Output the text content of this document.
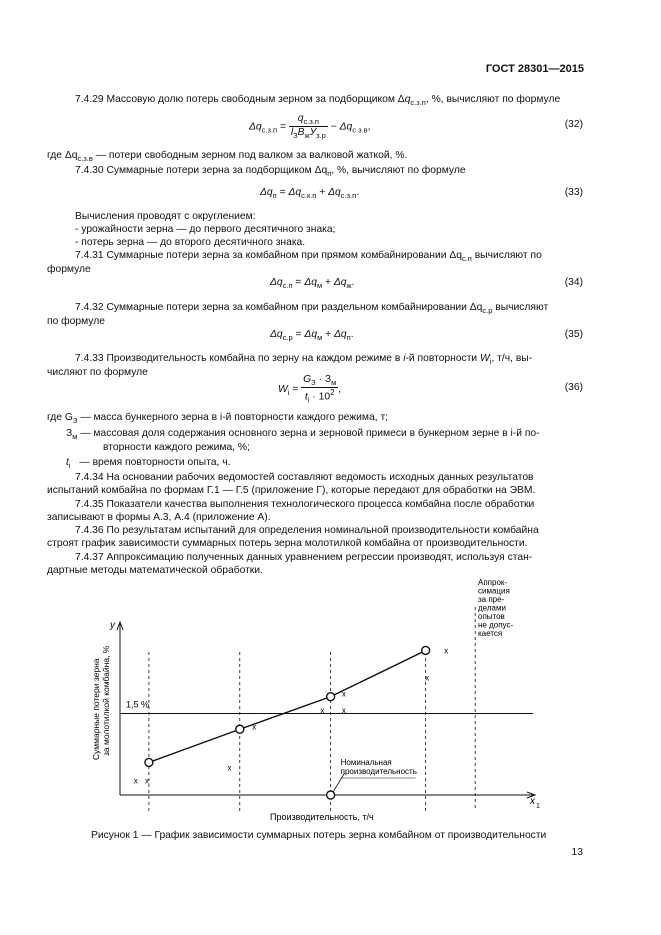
ГОСТ 28301—2015
7.4.29 Массовую долю потерь свободным зерном за подборщиком $\Delta q_{с.з.п}$, %, вычисляют по формуле
$\Delta q_{с.з.п} = \frac{q_{с.з.п}}{l_ЗВ_жУ_{з.р}} - \Delta q_{с з.в}$,	(32)
где $\Delta q_{с.з.в}$ — потери свободным зерном под валком за валковой жаткой, %.
7.4.30 Суммарные потери зерна за подборщиком $\Delta q_п$, %, вычисляют по формуле
$\Delta q_п = \Delta q_{с.к.п} + \Delta q_{с.з.п}$.	(33)
Вычисления проводят с округлением:
- урожайности зерна — до первого десятичного знака;
- потерь зерна — до второго десятичного знака.
7.4.31 Суммарные потери зерна за комбайном при прямом комбайнировании $\Delta q_{с.п}$ вычисляют по
формуле
$\Delta q_{с.п} = \Delta q_м + \Delta q_ж$.	(34)
7.4.32 Суммарные потери зерна за комбайном при раздельном комбайнировании $\Delta q_{с.р}$ вычисляют
по формуле
$\Delta q_{с.р} = \Delta q_м + \Delta q_п$.	(35)
7.4.33 Производительность комбайна по зерну на каждом режиме в i-й повторности $W_i$, т/ч, вы-
числяют по формуле
$W_i = \frac{G_З \cdot З_м}{t_i \cdot 10^2}$ ,	(36)
где $G_З$ — масса бункерного зерна в i-й повторности каждого режима, т;
$З_м$ — массовая доля содержания основного зерна и зерновой примеси в бункерном зерне в i-й по-
вторности каждого режима, %;
$t_i$ — время повторности опыта, ч.
7.4.34 На основании рабочих ведомостей составляют ведомость исходных данных результатов
испытаний комбайна по формам Г.1 — Г.5 (приложение Г), которые передают для обработки на ЭВМ.
7.4.35 Показатели качества выполнения технологического процесса комбайна после обработки
записывают в формы А.3, А.4 (приложение А).
7.4.36 По результатам испытаний для определения номинальной производительности комбайна
строят график зависимости суммарных потерь зерна молотилкой комбайна от производительности.
7.4.37 Аппроксимацию полученных данных уравнением регрессии производят, используя стан-
дартные методы математической обработки.
y
x 1
1,5 %
x x
x
x
x x
x
x
x
Номинальная
производительность
Аппрок-
симация
за пре-
делами
опытов
не допус-
кается
Суммарные потери зерна за молотилкой комбайна, %
Производительность, т/ч
Рисунок 1 — График зависимости суммарных потерь зерна комбайном от производительности
13
